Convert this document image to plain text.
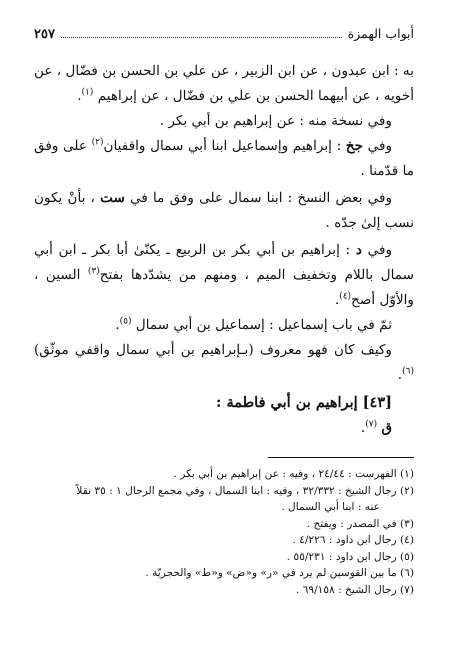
أبواب الهمزة
٢٥٧

به : ابن عبدون ، عن ابن الزبير ، عن علي بن الحسن بن فضّال ، عن أخويه ، عن أبيهما الحسن بن علي بن فضّال ، عن إبراهيم $^{(١)}$.

وفي نسخة منه : عن إبراهيم بن أبي بكر .

وفي جخ : إبراهيم وإسماعيل ابنا أبي سمال واقفيان$^{(٢)}$ على وفق ما قدّمنا .

وفي بعض النسخ : ابنا سمال على وفق ما في ست ، بأنْ يكون نسب إلىٰ جدّه .

وفي د : إبراهيم بن أبي بكر بن الربيع ـ يكنّىٰ أبا بكر ـ ابن أبي سمال باللام وتخفيف الميم ، ومنهم من يشدّدها بفتح$^{(٣)}$ السين ، والأوّل أصح$^{(٤)}$.

ثمّ في باب إسماعيل : إسماعيل بن أبي سمال $^{(٥)}$.

وكيف كان فهو معروف (بـإبراهيم بن أبي سمال واقفي موثّق) $^{(٦)}$.

[٤٣] إبراهيم بن أبي فاطمة :

ق $^{(٧)}$.

(١) الفهرست : ٢٤/٤٤ ، وفيه : عن إبراهيم بن أبي بكر .

(٢) رجال الشيخ : ٣٢/٣٣٢ ، وفيه : ابنا السمال ، وفي مجمع الرجال ١ : ٣٥ نقلاً

عنه : ابنا أبي السمال .

(٣) في المصدر : ويفتح .

(٤) رجال ابن داود : ٤/٢٢٦ .

(٥) رجال ابن داود : ٥٥/٢٣١ .

(٦) ما بين القوسين لم يرد في «ر» و«ض» و«ط» والحجريّة .

(٧) رجال الشيخ : ٦٩/١٥٨ .
